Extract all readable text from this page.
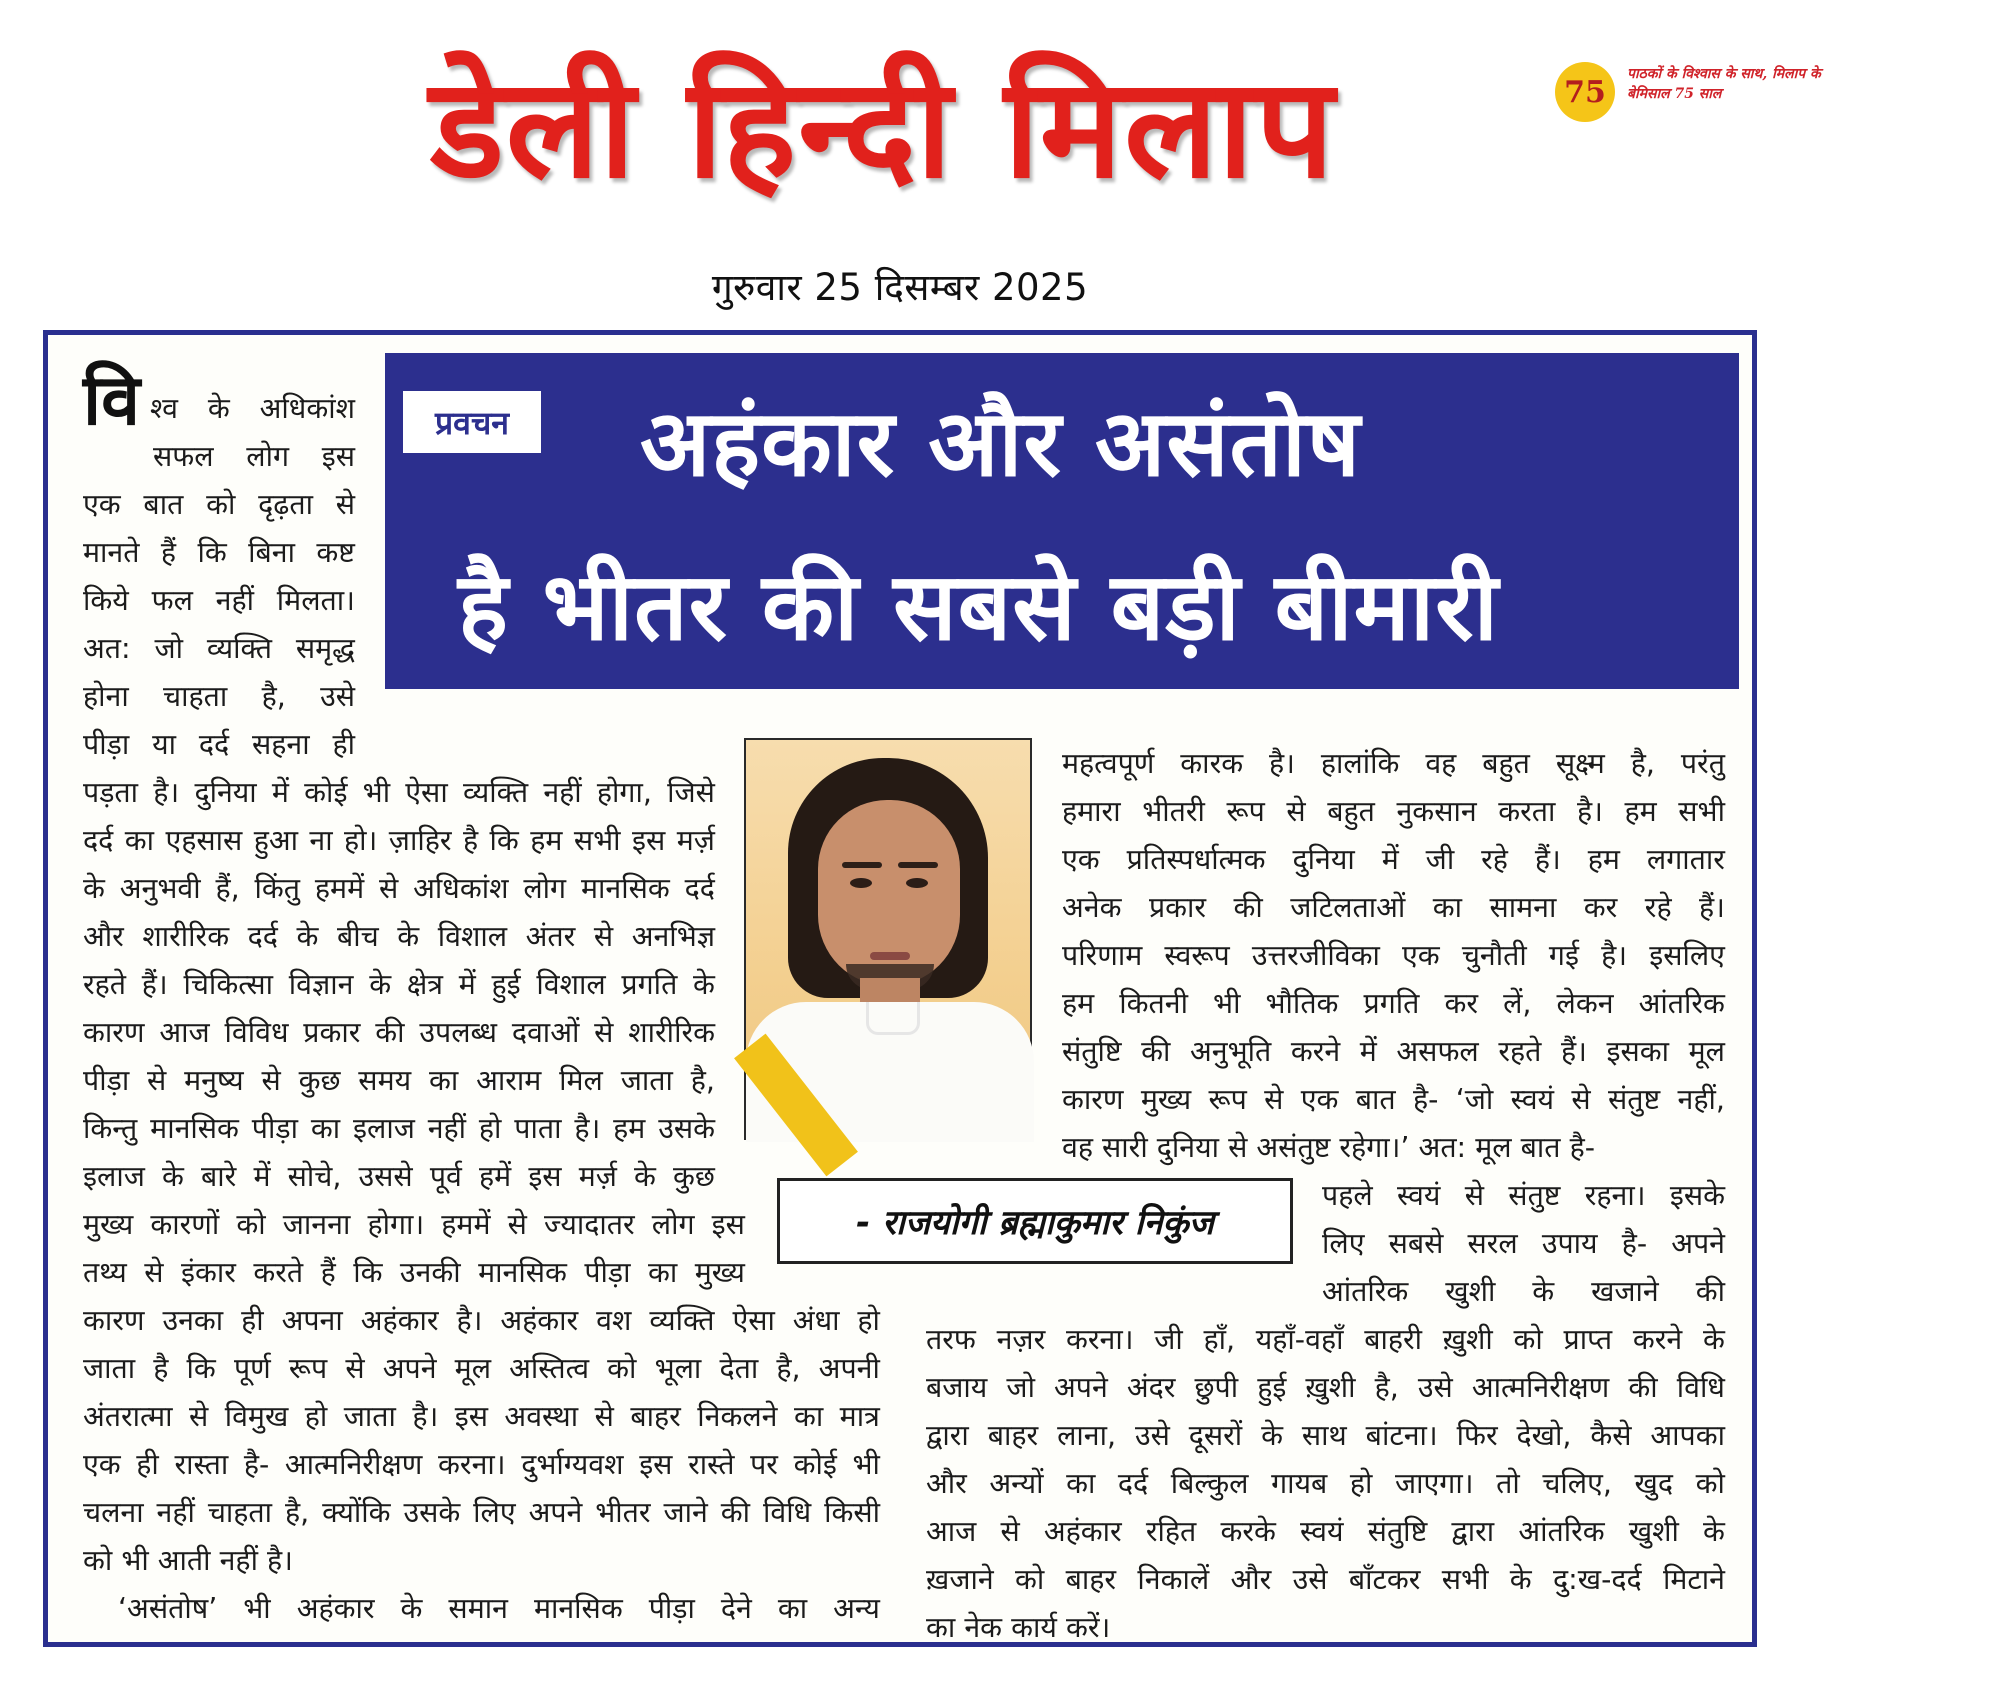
डेली हिन्दी मिलाप	75
पाठकों के विश्वास के साथ, मिलाप के बेमिसाल 75 साल
गुरुवार 25 दिसम्बर 2025
प्रवचन	अहंकार और असंतोष
है भीतर की सबसे बड़ी बीमारी
वि श्व के अधिकांश
सफल लोग इस
एक बात को दृढ़ता से
मानते हैं कि बिना कष्ट
किये फल नहीं मिलता।
अत: जो व्यक्ति समृद्ध
होना चाहता है, उसे
पीड़ा या दर्द सहना ही
पड़ता है। दुनिया में कोई भी ऐसा व्यक्ति नहीं होगा, जिसे
दर्द का एहसास हुआ ना हो। ज़ाहिर है कि हम सभी इस मर्ज़
के अनुभवी हैं, किंतु हममें से अधिकांश लोग मानसिक दर्द
और शारीरिक दर्द के बीच के विशाल अंतर से अनभिज्ञ
रहते हैं। चिकित्सा विज्ञान के क्षेत्र में हुई विशाल प्रगति के
कारण आज विविध प्रकार की उपलब्ध दवाओं से शारीरिक
पीड़ा से मनुष्य से कुछ समय का आराम मिल जाता है,
किन्तु मानसिक पीड़ा का इलाज नहीं हो पाता है। हम उसके
इलाज के बारे में सोचे, उससे पूर्व हमें इस मर्ज़ के कुछ
मुख्य कारणों को जानना होगा। हममें से ज्यादातर लोग इस
तथ्य से इंकार करते हैं कि उनकी मानसिक पीड़ा का मुख्य
कारण उनका ही अपना अहंकार है। अहंकार वश व्यक्ति ऐसा अंधा हो
जाता है कि पूर्ण रूप से अपने मूल अस्तित्व को भूला देता है, अपनी
अंतरात्मा से विमुख हो जाता है। इस अवस्था से बाहर निकलने का मात्र
एक ही रास्ता है- आत्मनिरीक्षण करना। दुर्भाग्यवश इस रास्ते पर कोई भी
चलना नहीं चाहता है, क्योंकि उसके लिए अपने भीतर जाने की विधि किसी
को भी आती नहीं है।
‘असंतोष’ भी अहंकार के समान मानसिक पीड़ा देने का अन्य
महत्वपूर्ण कारक है। हालांकि वह बहुत सूक्ष्म है, परंतु
हमारा भीतरी रूप से बहुत नुकसान करता है। हम सभी
एक प्रतिस्पर्धात्मक दुनिया में जी रहे हैं। हम लगातार
अनेक प्रकार की जटिलताओं का सामना कर रहे हैं।
परिणाम स्वरूप उत्तरजीविका एक चुनौती गई है। इसलिए
हम कितनी भी भौतिक प्रगति कर लें, लेकन आंतरिक
संतुष्टि की अनुभूति करने में असफल रहते हैं। इसका मूल
कारण मुख्य रूप से एक बात है- ‘जो स्वयं से संतुष्ट नहीं,
वह सारी दुनिया से असंतुष्ट रहेगा।’ अत: मूल बात है-
पहले स्वयं से संतुष्ट रहना। इसके
लिए सबसे सरल उपाय है- अपने
आंतरिक खुशी के खजाने की
तरफ नज़र करना। जी हाँ, यहाँ-वहाँ बाहरी ख़ुशी को प्राप्त करने के
बजाय जो अपने अंदर छुपी हुई ख़ुशी है, उसे आत्मनिरीक्षण की विधि
द्वारा बाहर लाना, उसे दूसरों के साथ बांटना। फिर देखो, कैसे आपका
और अन्यों का दर्द बिल्कुल गायब हो जाएगा। तो चलिए, खुद को
आज से अहंकार रहित करके स्वयं संतुष्टि द्वारा आंतरिक खुशी के
ख़जाने को बाहर निकालें और उसे बाँटकर सभी के दु:ख-दर्द मिटाने
का नेक कार्य करें।
- राजयोगी ब्रह्माकुमार निकुंज
